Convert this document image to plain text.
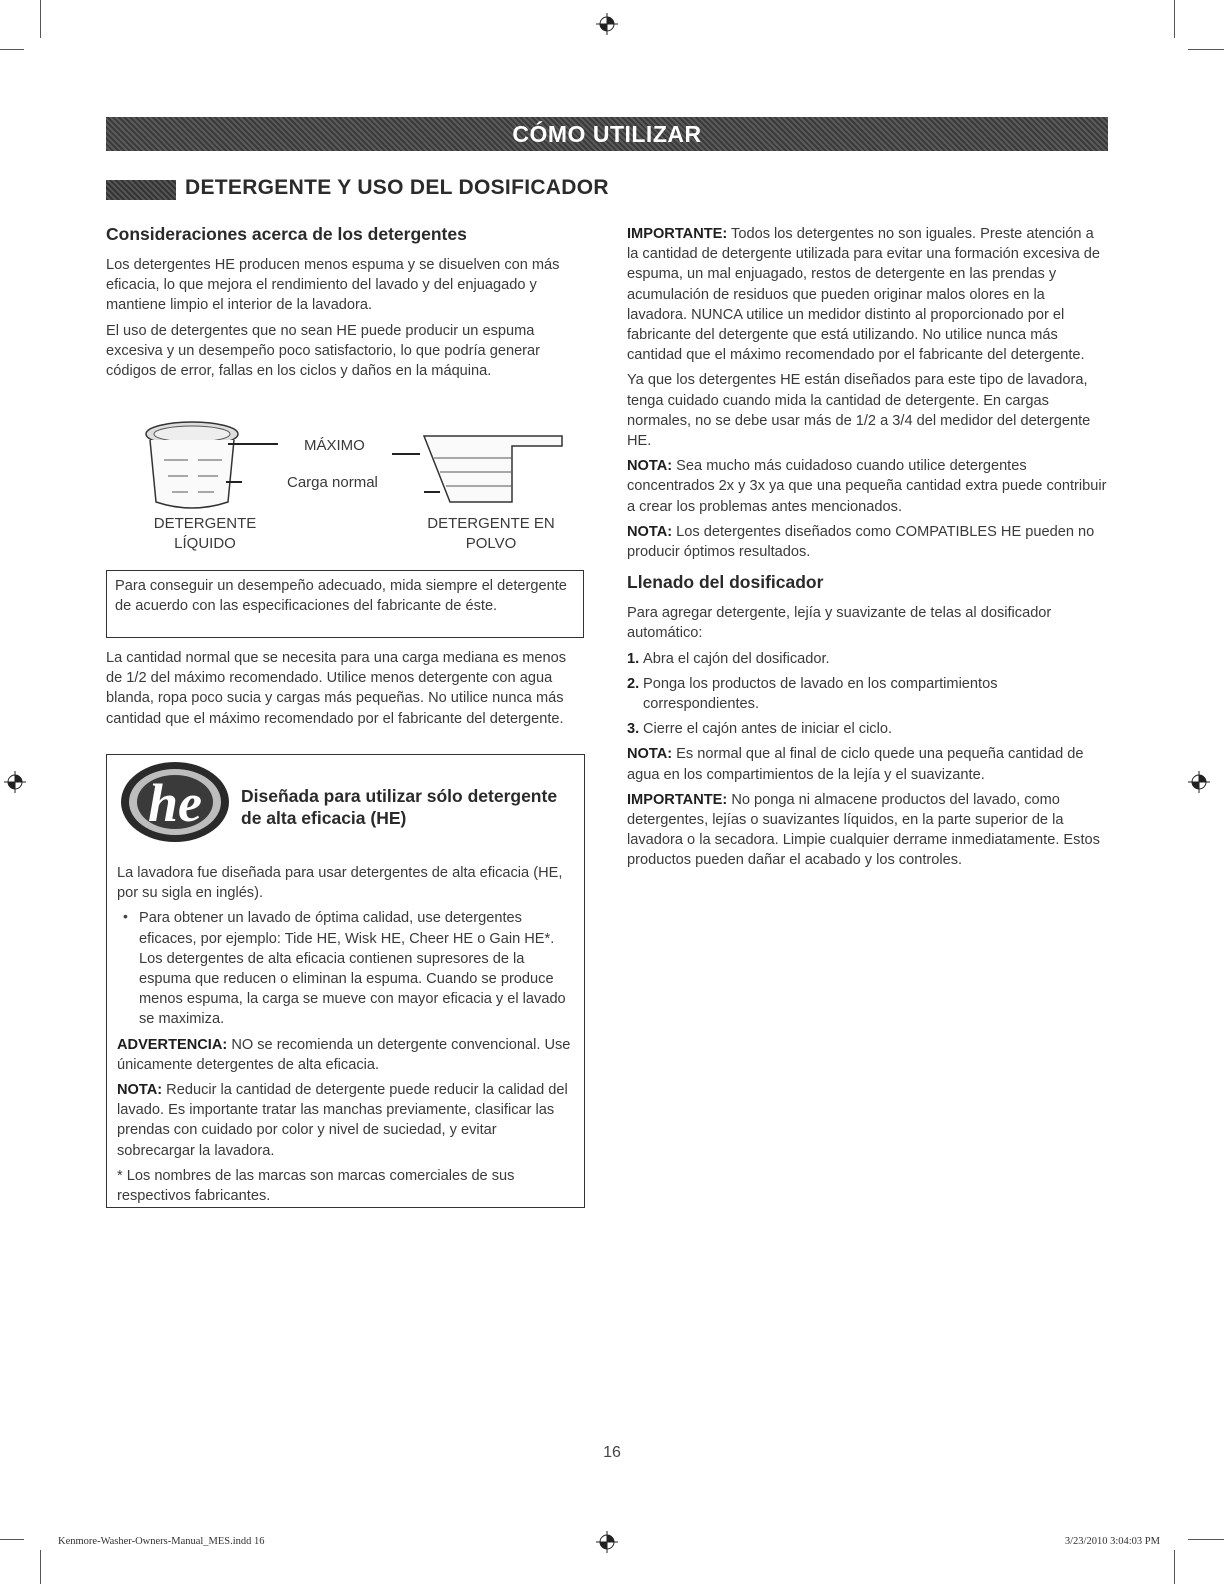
CÓMO UTILIZAR
DETERGENTE Y USO DEL DOSIFICADOR
Consideraciones acerca de los detergentes

Los detergentes HE producen menos espuma y se disuelven con más eficacia, lo que mejora el rendimiento del lavado y del enjuagado y mantiene limpio el interior de la lavadora.

El uso de detergentes que no sean HE puede producir un espuma excesiva y un desempeño poco satisfactorio, lo que podría generar códigos de error, fallas en los ciclos y daños en la máquina.

MÁXIMO
Carga normal
DETERGENTE
LÍQUIDO
DETERGENTE EN
POLVO

Para conseguir un desempeño adecuado, mida siempre el detergente de acuerdo con las especificaciones del fabricante de éste.

La cantidad normal que se necesita para una carga mediana es menos de 1/2 del máximo recomendado. Utilice menos detergente con agua blanda, ropa poco sucia y cargas más pequeñas. No utilice nunca más cantidad que el máximo recomendado por el fabricante del detergente.

he Diseñada para utilizar sólo detergente de alta eficacia (HE)

La lavadora fue diseñada para usar detergentes de alta eficacia (HE, por su sigla en inglés).

• Para obtener un lavado de óptima calidad, use detergentes eficaces, por ejemplo: Tide HE, Wisk HE, Cheer HE o Gain HE*. Los detergentes de alta eficacia contienen supresores de la espuma que reducen o eliminan la espuma. Cuando se produce menos espuma, la carga se mueve con mayor eficacia y el lavado se maximiza.

ADVERTENCIA: NO se recomienda un detergente convencional. Use únicamente detergentes de alta eficacia.

NOTA: Reducir la cantidad de detergente puede reducir la calidad del lavado. Es importante tratar las manchas previamente, clasificar las prendas con cuidado por color y nivel de suciedad, y evitar sobrecargar la lavadora.

* Los nombres de las marcas son marcas comerciales de sus respectivos fabricantes.

IMPORTANTE: Todos los detergentes no son iguales. Preste atención a la cantidad de detergente utilizada para evitar una formación excesiva de espuma, un mal enjuagado, restos de detergente en las prendas y acumulación de residuos que pueden originar malos olores en la lavadora. NUNCA utilice un medidor distinto al proporcionado por el fabricante del detergente que está utilizando. No utilice nunca más cantidad que el máximo recomendado por el fabricante del detergente.

Ya que los detergentes HE están diseñados para este tipo de lavadora, tenga cuidado cuando mida la cantidad de detergente. En cargas normales, no se debe usar más de 1/2 a 3/4 del medidor del detergente HE.

NOTA: Sea mucho más cuidadoso cuando utilice detergentes concentrados 2x y 3x ya que una pequeña cantidad extra puede contribuir a crear los problemas antes mencionados.

NOTA: Los detergentes diseñados como COMPATIBLES HE pueden no producir óptimos resultados.

Llenado del dosificador

Para agregar detergente, lejía y suavizante de telas al dosificador automático:

1. Abra el cajón del dosificador.
2. Ponga los productos de lavado en los compartimientos correspondientes.

3. Cierre el cajón antes de iniciar el ciclo.

NOTA: Es normal que al final de ciclo quede una pequeña cantidad de agua en los compartimientos de la lejía y el suavizante.

IMPORTANTE: No ponga ni almacene productos del lavado, como detergentes, lejías o suavizantes líquidos, en la parte superior de la lavadora o la secadora. Limpie cualquier derrame inmediatamente. Estos productos pueden dañar el acabado y los controles.

16
Kenmore-Washer-Owners-Manual_MES.indd 16	3/23/2010 3:04:03 PM
